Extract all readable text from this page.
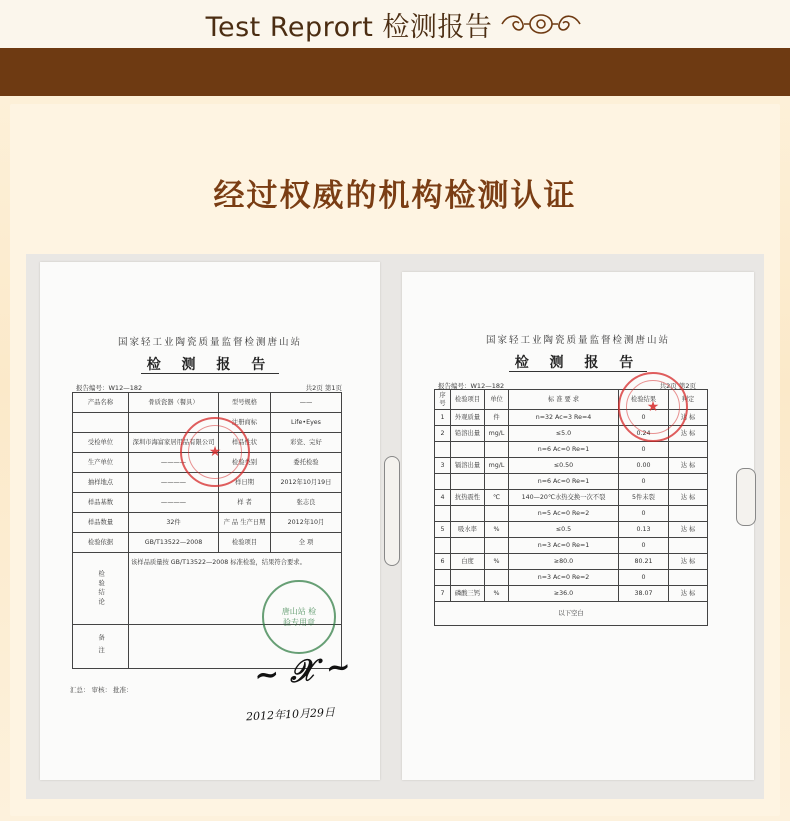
Test Reprort 检测报告
经过权威的机构检测认证
国家轻工业陶瓷质量监督检测唐山站
检 测 报 告
报告编号：W12—182	共2页 第1页
产品名称	骨质瓷器（餐具）	型号规格	——
		注册商标	Life•Eyes
受检单位	深圳市海富家居用品有限公司	样品性状	彩瓷、完好
生产单位	————	检验类别	委托检验
抽样地点	————	样日期	2012年10月19日
样品基数	————	样 者	张志良
样品数量	32件	产 品 生产日期	2012年10月
检验依据	GB/T13522—2008	检验项目	全 项
检验结论	该样品质量按 GB/T13522—2008 标准检验，结果符合要求。		
备注			
★
唐山站 检验专用章
汇总： 审核： 批准：	~ 𝒳 ~
2012年10月29日
国家轻工业陶瓷质量监督检测唐山站
检 测 报 告
报告编号：W12—182	共2页 第2页
序号	检验项目	单位	标 准 要 求	检验结果	判定
1	外观质量	件	n=32 Ac=3 Re=4	0	达 标
2	铅溶出量	mg/L	≤5.0	0.24	达 标
			n=6 Ac=0 Re=1	0	
3	镉溶出量	mg/L	≤0.50	0.00	达 标
			n=6 Ac=0 Re=1	0	
4	抗热震性	℃	140—20℃水热交换一次不裂	5件未裂	达 标
			n=5 Ac=0 Re=2	0	
5	吸水率	%	≤0.5	0.13	达 标
			n=3 Ac=0 Re=1	0	
6	白度	%	≥80.0	80.21	达 标
			n=3 Ac=0 Re=2	0	
7	磷酸三钙	%	≥36.0	38.07	达 标
以下空白					
★
